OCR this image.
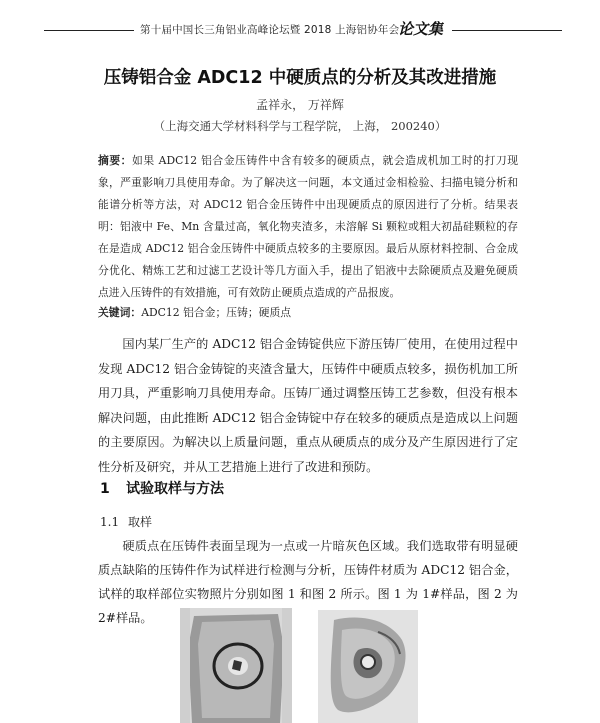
第十届中国长三角铝业高峰论坛暨 2018 上海铝协年会
论文集
压铸铝合金 ADC12 中硬质点的分析及其改进措施
孟祥永， 万祥辉
（上海交通大学材料科学与工程学院， 上海， 200240）
摘要：如果 ADC12 铝合金压铸件中含有较多的硬质点，就会造成机加工时的打刀现象，严重影响刀具使用寿命。为了解决这一问题，本文通过金相检验、扫描电镜分析和能谱分析等方法，对 ADC12 铝合金压铸件中出现硬质点的原因进行了分析。结果表明：铝液中 Fe、Mn 含量过高，氧化物夹渣多，未溶解 Si 颗粒或粗大初晶硅颗粒的存在是造成 ADC12 铝合金压铸件中硬质点较多的主要原因。最后从原材料控制、合金成分优化、精炼工艺和过滤工艺设计等几方面入手，提出了铝液中去除硬质点及避免硬质点进入压铸件的有效措施，可有效防止硬质点造成的产品报废。
关键词：ADC12 铝合金；压铸；硬质点
国内某厂生产的 ADC12 铝合金铸锭供应下游压铸厂使用，在使用过程中发现 ADC12 铝合金铸锭的夹渣含量大，压铸件中硬质点较多，损伤机加工所用刀具，严重影响刀具使用寿命。压铸厂通过调整压铸工艺参数，但没有根本解决问题，由此推断 ADC12 铝合金铸锭中存在较多的硬质点是造成以上问题的主要原因。为解决以上质量问题，重点从硬质点的成分及产生原因进行了定性分析及研究，并从工艺措施上进行了改进和预防。
1 试验取样与方法
1.1 取样
硬质点在压铸件表面呈现为一点或一片暗灰色区域。我们选取带有明显硬质点缺陷的压铸件作为试样进行检测与分析，压铸件材质为 ADC12 铝合金，试样的取样部位实物照片分别如图 1 和图 2 所示。图 1 为 1#样品，图 2 为 2#样品。
